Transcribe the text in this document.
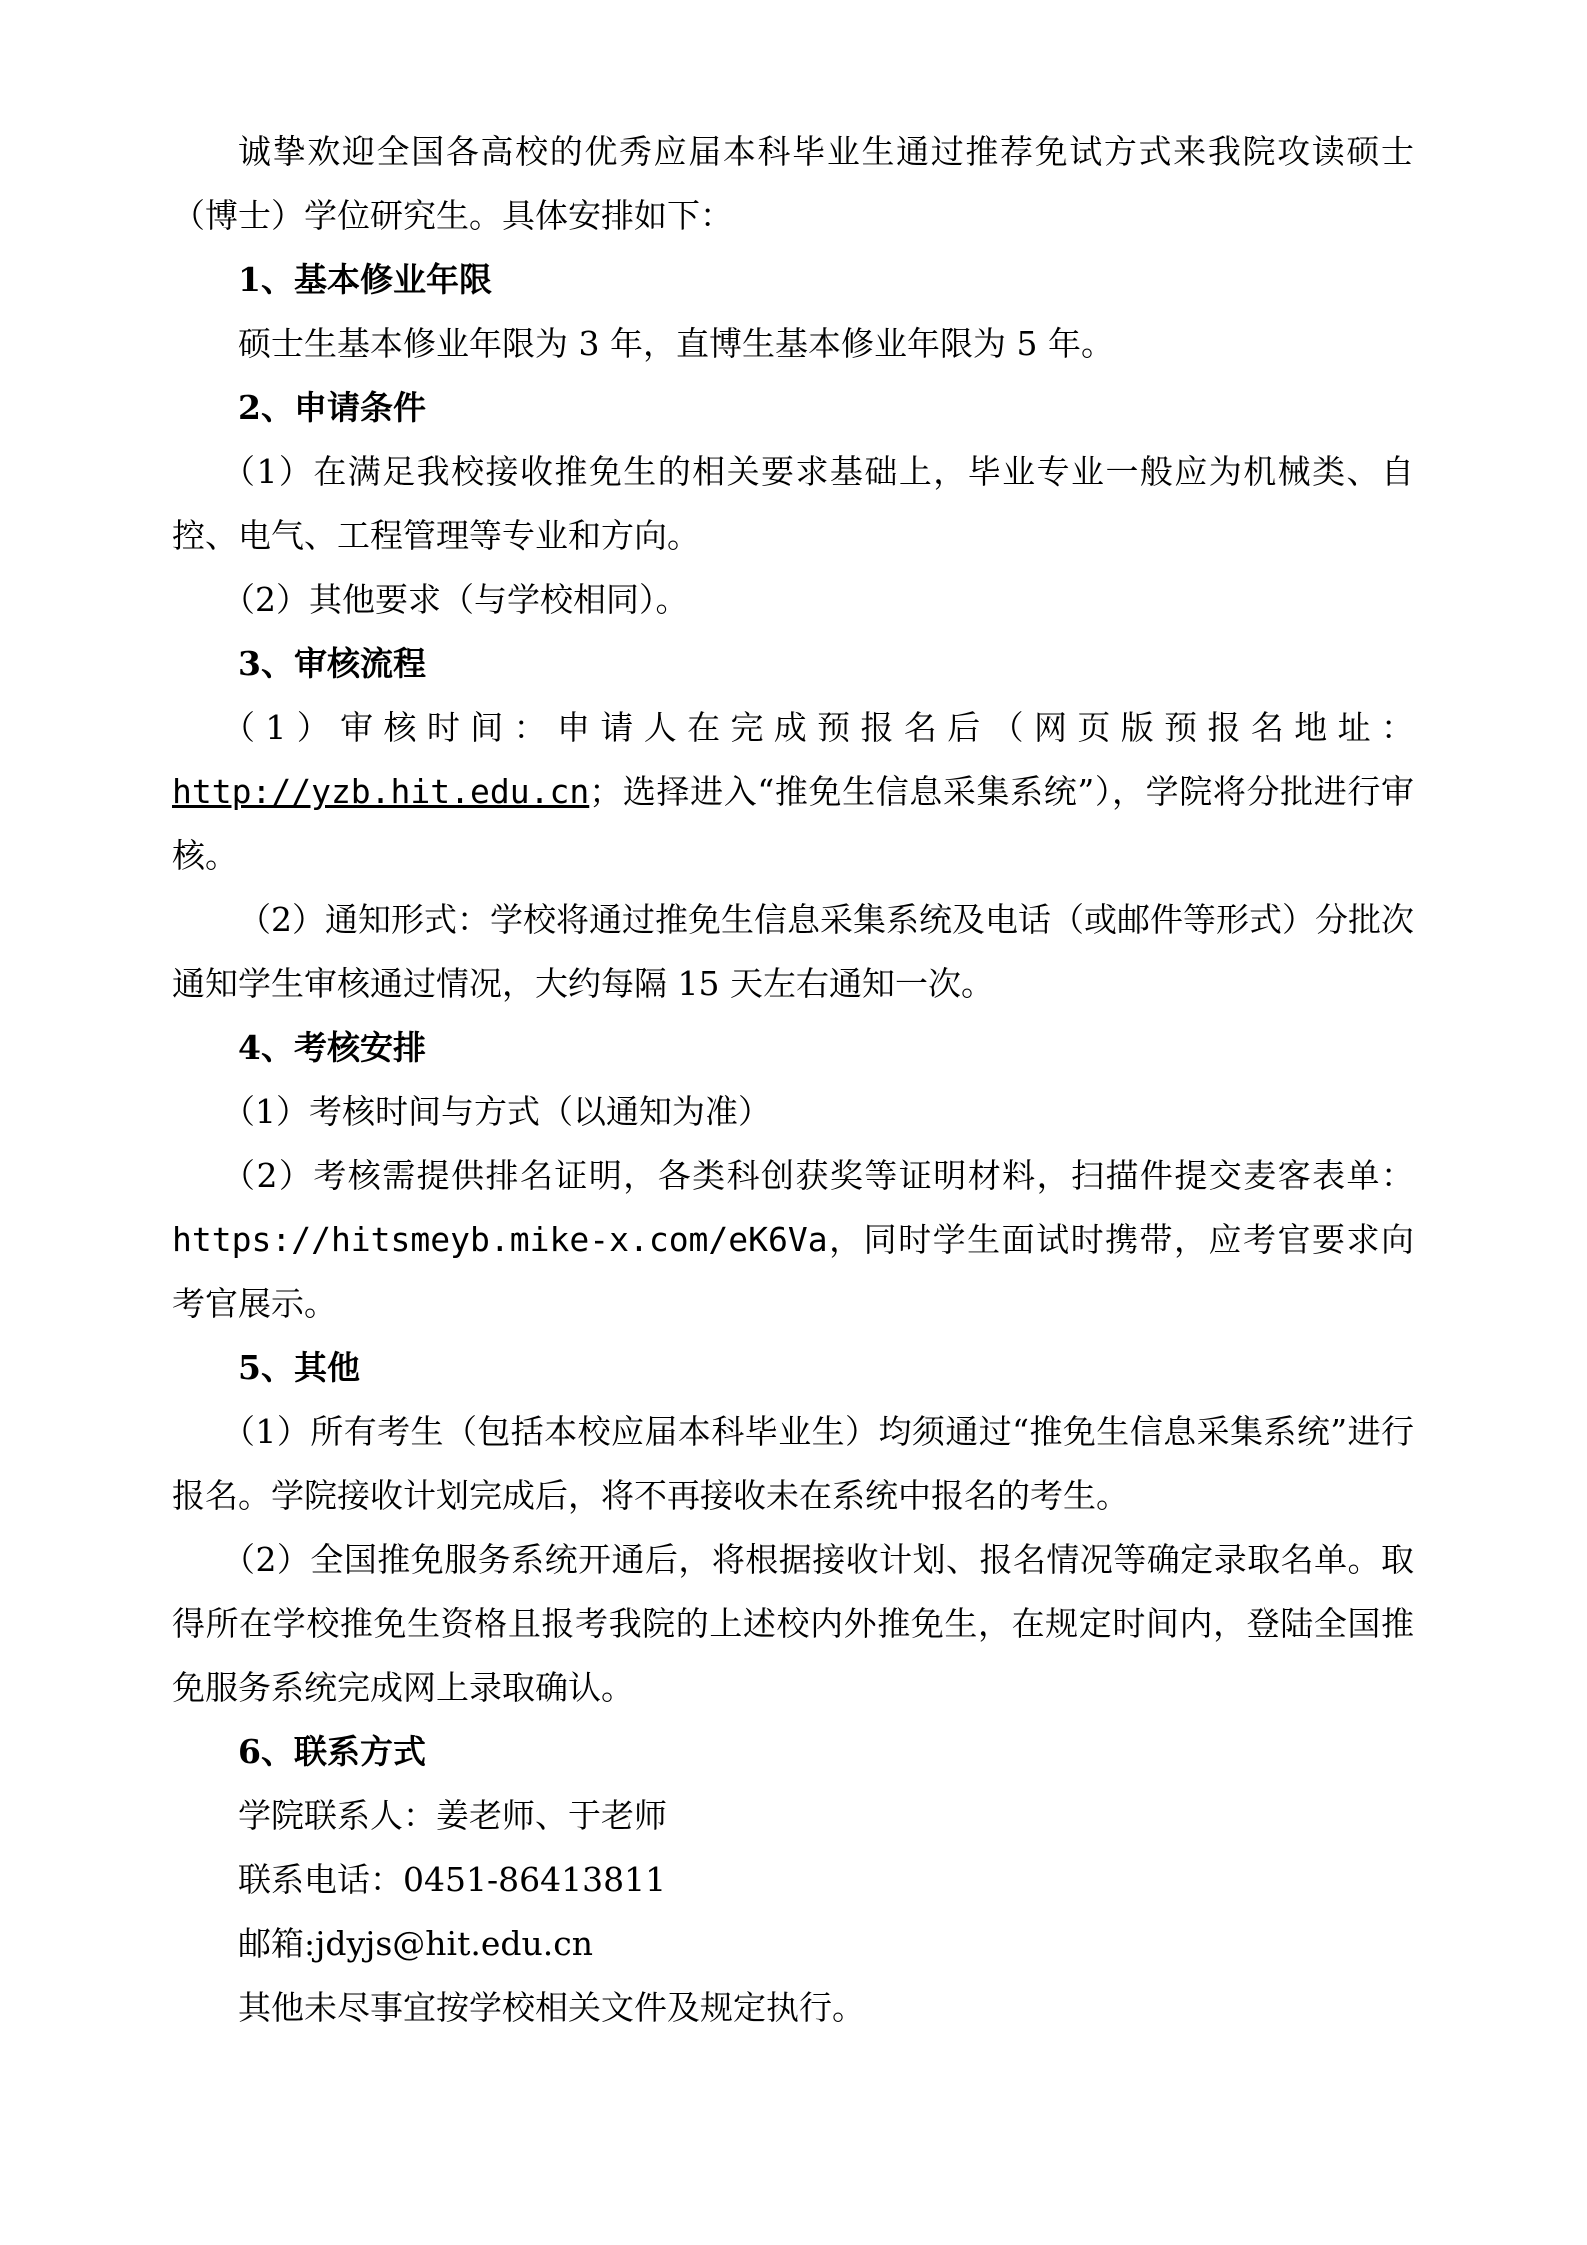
诚挚欢迎全国各高校的优秀应届本科毕业生通过推荐免试方式来我院攻读硕士（博士）学位研究生。具体安排如下：

1、基本修业年限

硕士生基本修业年限为 3 年，直博生基本修业年限为 5 年。

2、申请条件

（1）在满足我校接收推免生的相关要求基础上，毕业专业一般应为机械类、自控、电气、工程管理等专业和方向。

（2）其他要求（与学校相同）。

3、审核流程

（1）审核时间：申请人在完成预报名后（网页版预报名地址：http://yzb.hit.edu.cn；选择进入“推免生信息采集系统”），学院将分批进行审核。

（2）通知形式：学校将通过推免生信息采集系统及电话（或邮件等形式）分批次通知学生审核通过情况，大约每隔 15 天左右通知一次。

4、考核安排

（1）考核时间与方式（以通知为准）

（2）考核需提供排名证明，各类科创获奖等证明材料，扫描件提交麦客表单：https://hitsmeyb.mike-x.com/eK6Va，同时学生面试时携带，应考官要求向考官展示。

5、其他

（1）所有考生（包括本校应届本科毕业生）均须通过“推免生信息采集系统”进行报名。学院接收计划完成后，将不再接收未在系统中报名的考生。

（2）全国推免服务系统开通后，将根据接收计划、报名情况等确定录取名单。取得所在学校推免生资格且报考我院的上述校内外推免生，在规定时间内，登陆全国推免服务系统完成网上录取确认。

6、联系方式

学院联系人：姜老师、于老师

联系电话：0451-86413811

邮箱:jdyjs@hit.edu.cn

其他未尽事宜按学校相关文件及规定执行。
